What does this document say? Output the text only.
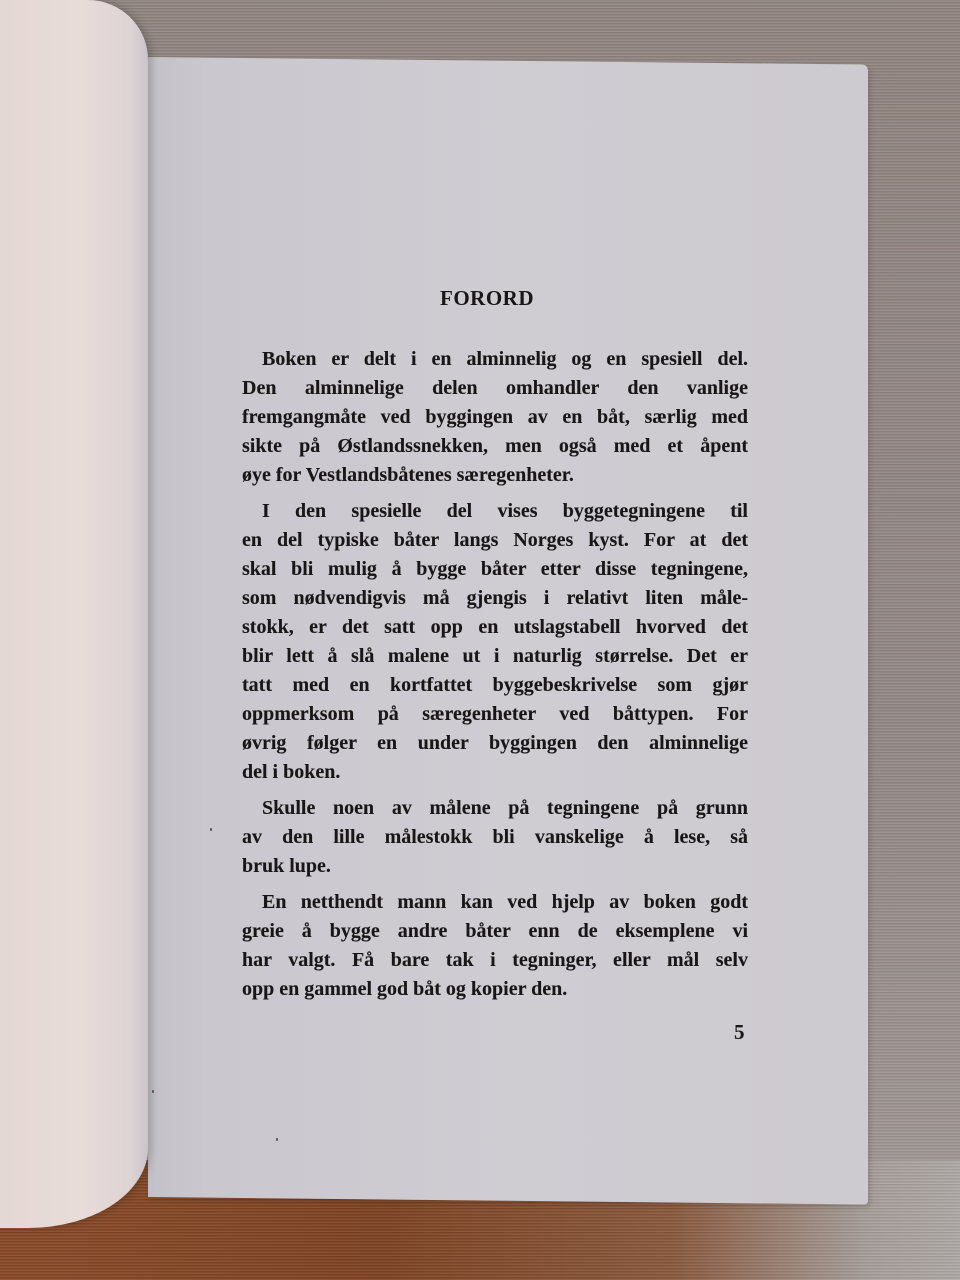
FORORD
Boken er delt i en alminnelig og en spesiell del.
Den alminnelige delen omhandler den vanlige
fremgangmåte ved byggingen av en båt, særlig med
sikte på Østlandssnekken, men også med et åpent
øye for Vestlandsbåtenes særegenheter.
I den spesielle del vises byggetegningene til
en del typiske båter langs Norges kyst. For at det
skal bli mulig å bygge båter etter disse tegningene,
som nødvendigvis må gjengis i relativt liten måle-
stokk, er det satt opp en utslagstabell hvorved det
blir lett å slå malene ut i naturlig størrelse. Det er
tatt med en kortfattet byggebeskrivelse som gjør
oppmerksom på særegenheter ved båttypen. For
øvrig følger en under byggingen den alminnelige
del i boken.
Skulle noen av målene på tegningene på grunn
av den lille målestokk bli vanskelige å lese, så
bruk lupe.
En netthendt mann kan ved hjelp av boken godt
greie å bygge andre båter enn de eksemplene vi
har valgt. Få bare tak i tegninger, eller mål selv
opp en gammel god båt og kopier den.
5
